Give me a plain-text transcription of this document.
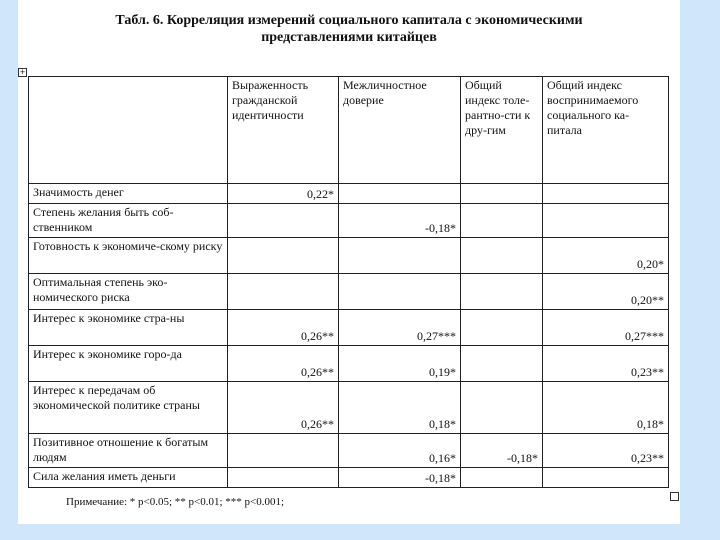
Табл. 6. Корреляция измерений социального капитала с экономическими
представлениями китайцев
+
	Выраженность гражданской идентичности	Межличностное доверие	Общий индекс толе-рантно-сти к дру-гим	Общий индекс воспринимаемого социального ка-питала
Значимость денег	0,22*			
Степень желания быть соб-ственником		-0,18*		
Готовность к экономиче-скому риску				0,20*
Оптимальная степень эко-номического риска				0,20**
Интерес к экономике стра-ны	0,26**	0,27***		0,27***
Интерес к экономике горо-да	0,26**	0,19*		0,23**
Интерес к передачам об экономической политике страны	0,26**	0,18*		0,18*
Позитивное отношение к богатым людям		0,16*	-0,18*	0,23**
Сила желания иметь деньги		-0,18*		
Примечание: * p<0.05; ** p<0.01; *** p<0.001;
